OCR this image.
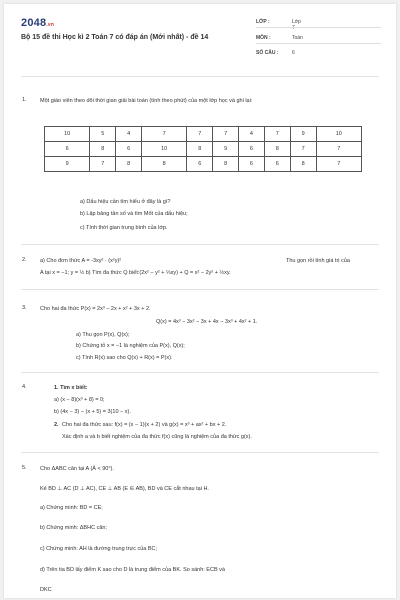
2048.vn
Bộ 15 đề thi Học kì 2 Toán 7 có đáp án (Mới nhất) - đề 14
LỚP :	Lớp 7
MÔN :	Toán
SỐ CÂU :	6
1. Một giáo viên theo dõi thời gian giải bài toán (tính theo phút) của một lớp học và ghi lại:
10	5	4	7	7	7	4	7	9	10
6	8	6	10	8	9	6	8	7	7
9	7	8	8	6	8	6	6	8	7
a) Dấu hiệu cần tìm hiểu ở đây là gì?
b) Lập bảng tần số và tìm Mốt của dấu hiệu;
c) Tính thời gian trung bình của lớp.
2. a) Cho đơn thức A = -3xy² · (x²y)²	Thu gọn rồi tính giá trị của
A tại x = −1; y = ½ b) Tìm đa thức Q biết:(2x² − y² + ⅓xy) + Q = x² − 2y² + ½xy.
3. Cho hai đa thức P(x) = 2x³ − 2x + x² + 3x + 2.
Q(x) = 4x³ − 3x² − 3x + 4x − 3x³ + 4x² + 1.
a) Thu gọn P(x), Q(x);
b) Chứng tỏ x = −1 là nghiệm của P(x), Q(x);
c) Tính R(x) sao cho Q(x) + R(x) = P(x).
4.	1. Tìm x biết:
a) (x − 8)(x³ + 8) = 0;
b) (4x − 3) − (x + 5) = 3(10 − x).
2. Cho hai đa thức sau: f(x) = (x − 1)(x + 2) và g(x) = x³ + ax² + bx + 2.
Xác định a và b biết nghiệm của đa thức f(x) cũng là nghiệm của đa thức g(x).
5. Cho ΔABC cân tại A (Â < 90°).
Kẻ BD ⊥ AC (D ⊥ AC), CE ⊥ AB (E ∈ AB), BD và CE cắt nhau tại H.
a) Chứng minh: BD = CE;
b) Chứng minh: ΔBHC cân;
c) Chứng minh: AH là đường trung trực của BC;
d) Trên tia BD lấy điểm K sao cho D là trung điểm của BK. So sánh: ECB và
DKC
